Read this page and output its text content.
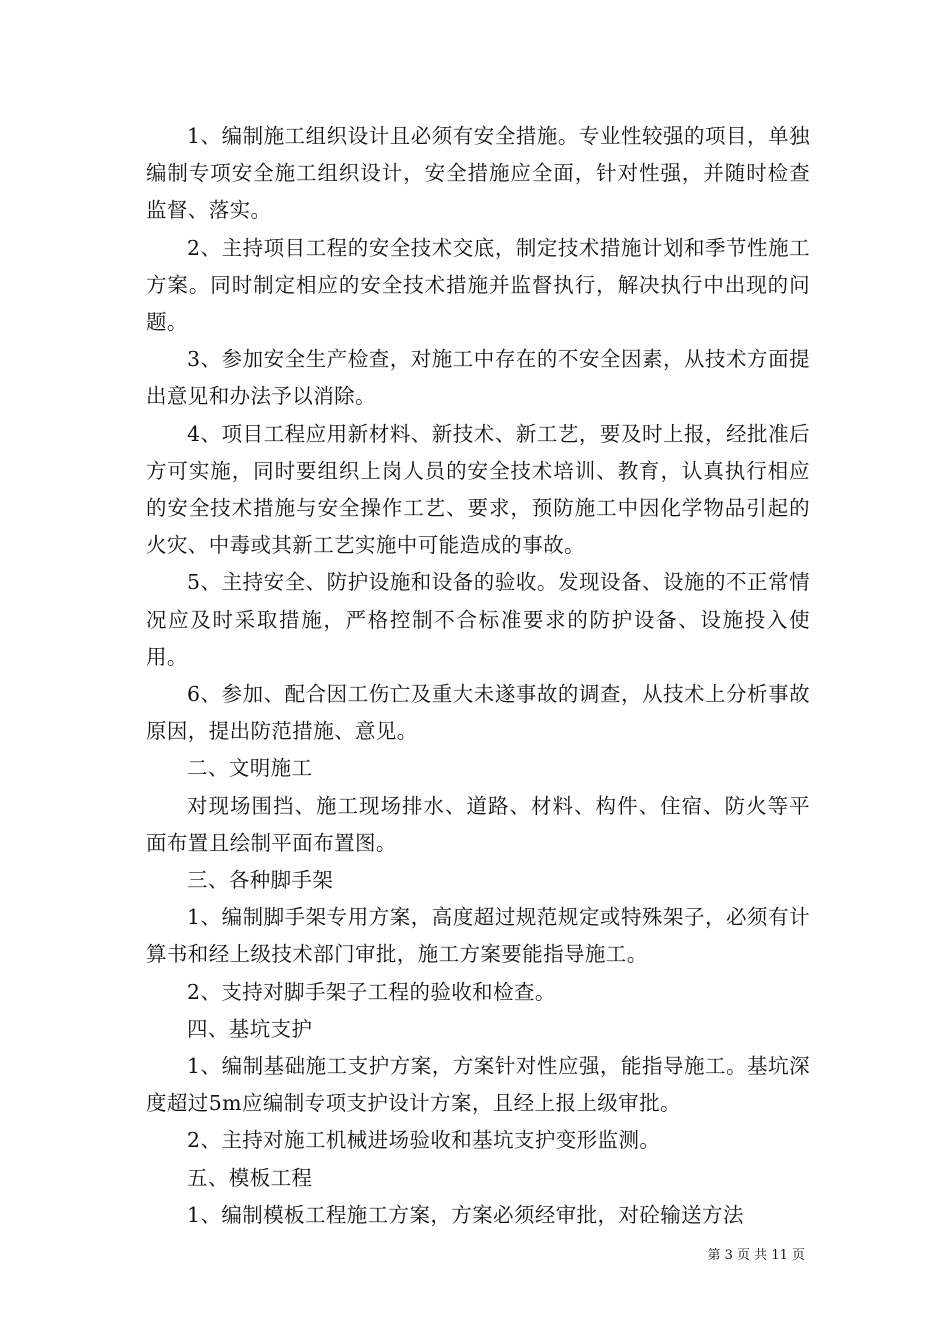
1、编制施工组织设计且必须有安全措施。专业性较强的项目，单独编制专项安全施工组织设计，安全措施应全面，针对性强，并随时检查监督、落实。

2、主持项目工程的安全技术交底，制定技术措施计划和季节性施工方案。同时制定相应的安全技术措施并监督执行，解决执行中出现的问题。

3、参加安全生产检查，对施工中存在的不安全因素，从技术方面提出意见和办法予以消除。

4、项目工程应用新材料、新技术、新工艺，要及时上报，经批准后方可实施，同时要组织上岗人员的安全技术培训、教育，认真执行相应的安全技术措施与安全操作工艺、要求，预防施工中因化学物品引起的火灾、中毒或其新工艺实施中可能造成的事故。

5、主持安全、防护设施和设备的验收。发现设备、设施的不正常情况应及时采取措施，严格控制不合标准要求的防护设备、设施投入使用。

6、参加、配合因工伤亡及重大未遂事故的调查，从技术上分析事故原因，提出防范措施、意见。

二、文明施工

对现场围挡、施工现场排水、道路、材料、构件、住宿、防火等平面布置且绘制平面布置图。

三、各种脚手架

1、编制脚手架专用方案，高度超过规范规定或特殊架子，必须有计算书和经上级技术部门审批，施工方案要能指导施工。

2、支持对脚手架子工程的验收和检查。

四、基坑支护

1、编制基础施工支护方案，方案针对性应强，能指导施工。基坑深度超过5m应编制专项支护设计方案，且经上报上级审批。

2、主持对施工机械进场验收和基坑支护变形监测。

五、模板工程

1、编制模板工程施工方案，方案必须经审批，对砼输送方法

第 3 页 共 11 页
